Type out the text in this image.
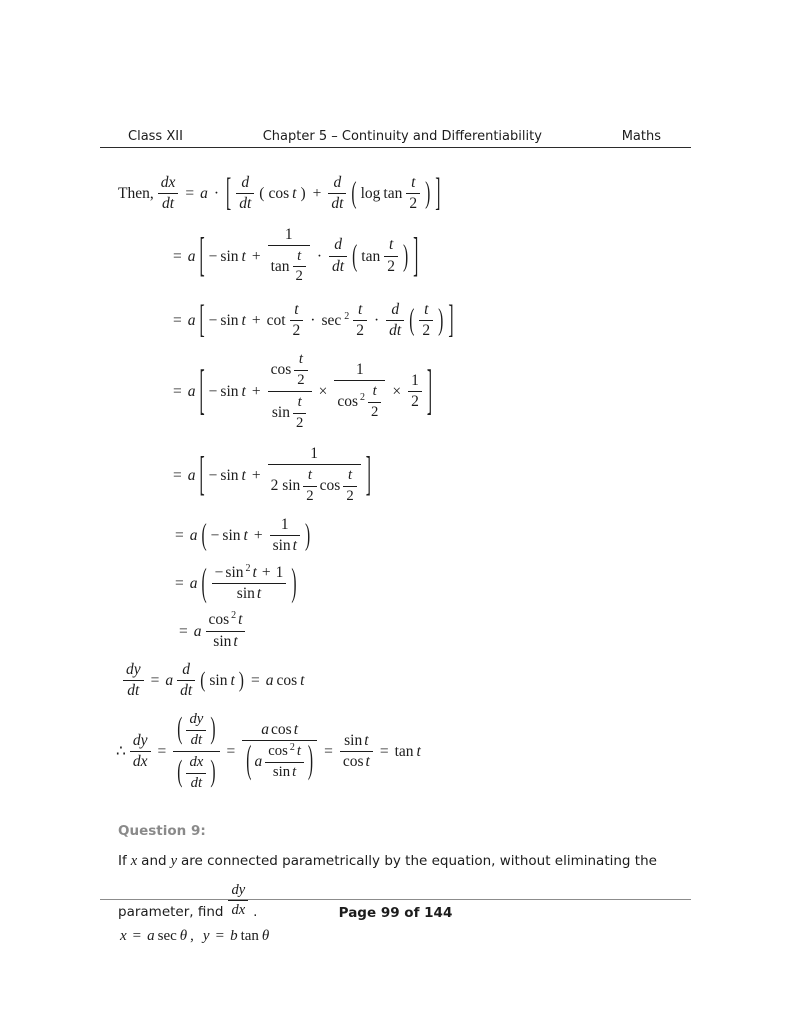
Class XII	Chapter 5 – Continuity and Differentiability	Maths
Then, $\frac{dx}{dt} = a$ · [ $\frac{d}{dt}$ ( cos t ) + $\frac{d}{dt}$ ( $\log \tan \frac{t}{2}$ ) ]
= a [ − $\sin t + \frac{1}{\tan \frac{t}{2}} \cdot \frac{d}{dt}$ ( $\tan \frac{t}{2}$ ) ]
= a [ − $\sin t + \cot \frac{t}{2} \cdot \sec ^2 \frac{t}{2} \cdot \frac{d}{dt}$ ( $\frac{t}{2}$ ) ]
= a [ − $\sin t + \frac{\cos \frac{t}{2}}{\sin \frac{t}{2}} \times \frac{1}{\cos^2 \frac{t}{2}} \times \frac{1}{2}$ ]
= a [ − sin t +
1
2 $\sin \frac{t}{2}$ $\cos \frac{t}{2}$ ]
= a ( − $\sin t + \frac{1}{\text{sin t}}$ )
= a ( $\frac{- \sin^2 t + 1}{\text{sin t}}$ )
= a $\frac{\cos^2 t}{\text{sin t}}$
$\frac{dy}{dt} = a \frac{d}{dt}$ ( sin t ) = a cos t
∴ $\frac{dy}{dx}$ =
( $\frac{dy}{dt}$ )
( $\frac{dx}{dt}$ )
=
a cos t
( a $\frac{\cos^2 t}{\text{sin t}}$ ) = $\frac{\text{sin t}}{\text{cos t}} = \tan t$
Question 9:
If x and y are connected parametrically by the equation, without eliminating the
parameter, find $\frac{dy}{dx}$ .
x = a sec θ , y = b tan θ
Page 99 of 144
